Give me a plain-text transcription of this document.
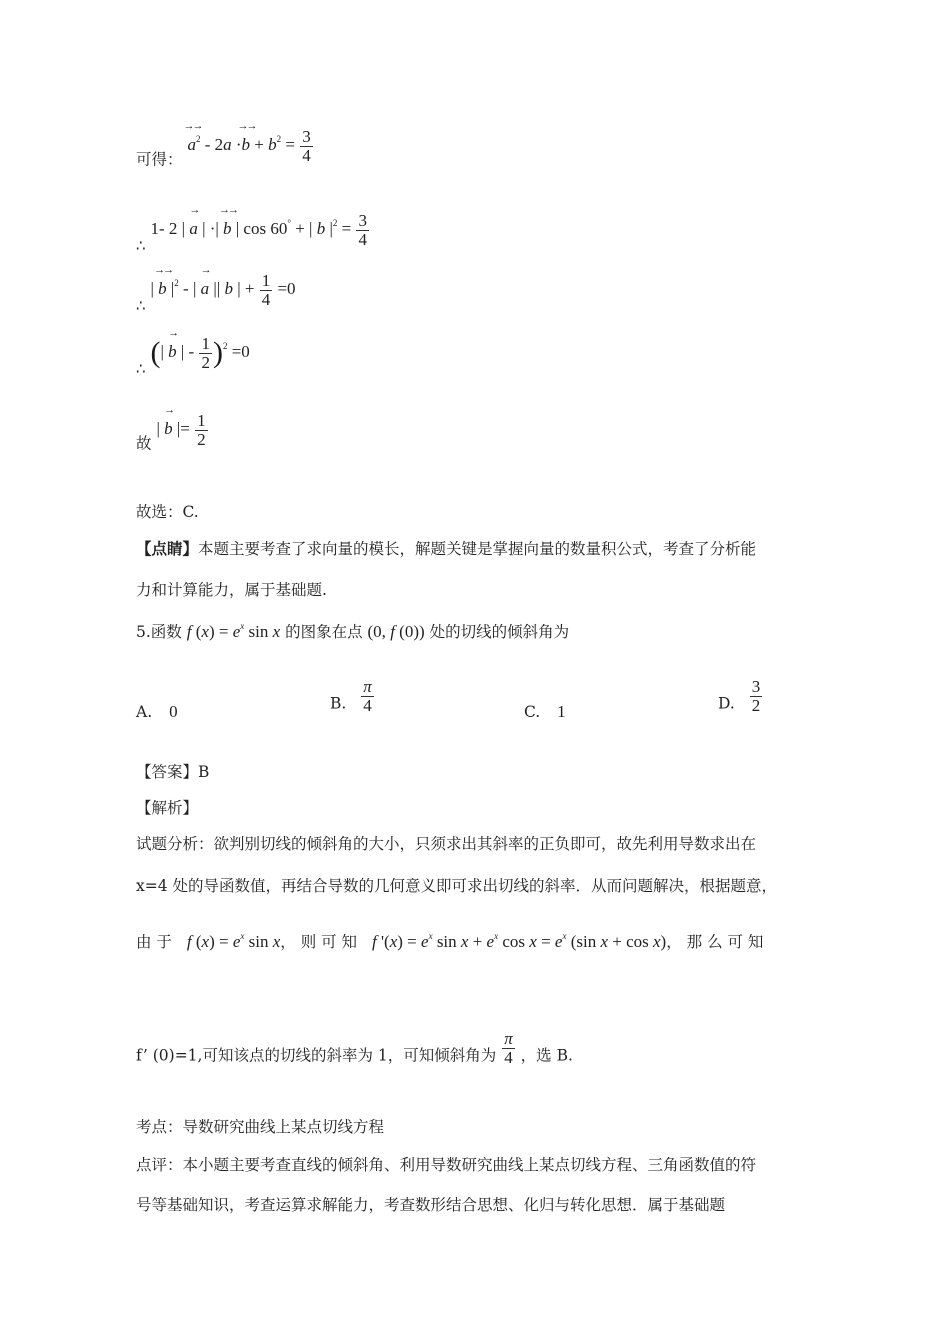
可得： →→ $a^2 - 2a$ ·→→ $b + b^2 = \frac{3}{4}$
∴ 1- 2 | → a | ·| →→ b | cos 60° + | b $|^2 = \frac{3}{4}$
∴ | →→ b $|^2$ - | → a || b | + $\frac{1}{4} =0$
∴ (| → b | - $\frac{1}{2} )^2 =0$
故 | → b |= $\frac{1}{2}$
故选：C.
【点睛】本题主要考查了求向量的模长，解题关键是掌握向量的数量积公式，考查了分析能
力和计算能力，属于基础题.
5.函数 f $(x) = e^x$ sin x 的图象在点 (0, f (0)) 处的切线的倾斜角为
A. 0	B. $\frac{\pi}{4}$	C. 1	D. $\frac{3}{2}$
【答案】B
【解析】
试题分析：欲判别切线的倾斜角的大小，只须求出其斜率的正负即可，故先利用导数求出在
x=4 处的导函数值，再结合导数的几何意义即可求出切线的斜率．从而问题解决，根据题意，
由 于 f $(x) = e^x$ sin x， 则 可 知 f '$(x) = e^x$ $\sin x + e^x$ $\cos x = e^x$ (sin x + cos x)， 那 么 可 知
f’ (0)=1,可知该点的切线的斜率为 1，可知倾斜角为 $\frac{\pi}{4}$ ，选 B.
考点：导数研究曲线上某点切线方程
点评：本小题主要考查直线的倾斜角、利用导数研究曲线上某点切线方程、三角函数值的符
号等基础知识，考查运算求解能力，考查数形结合思想、化归与转化思想．属于基础题
